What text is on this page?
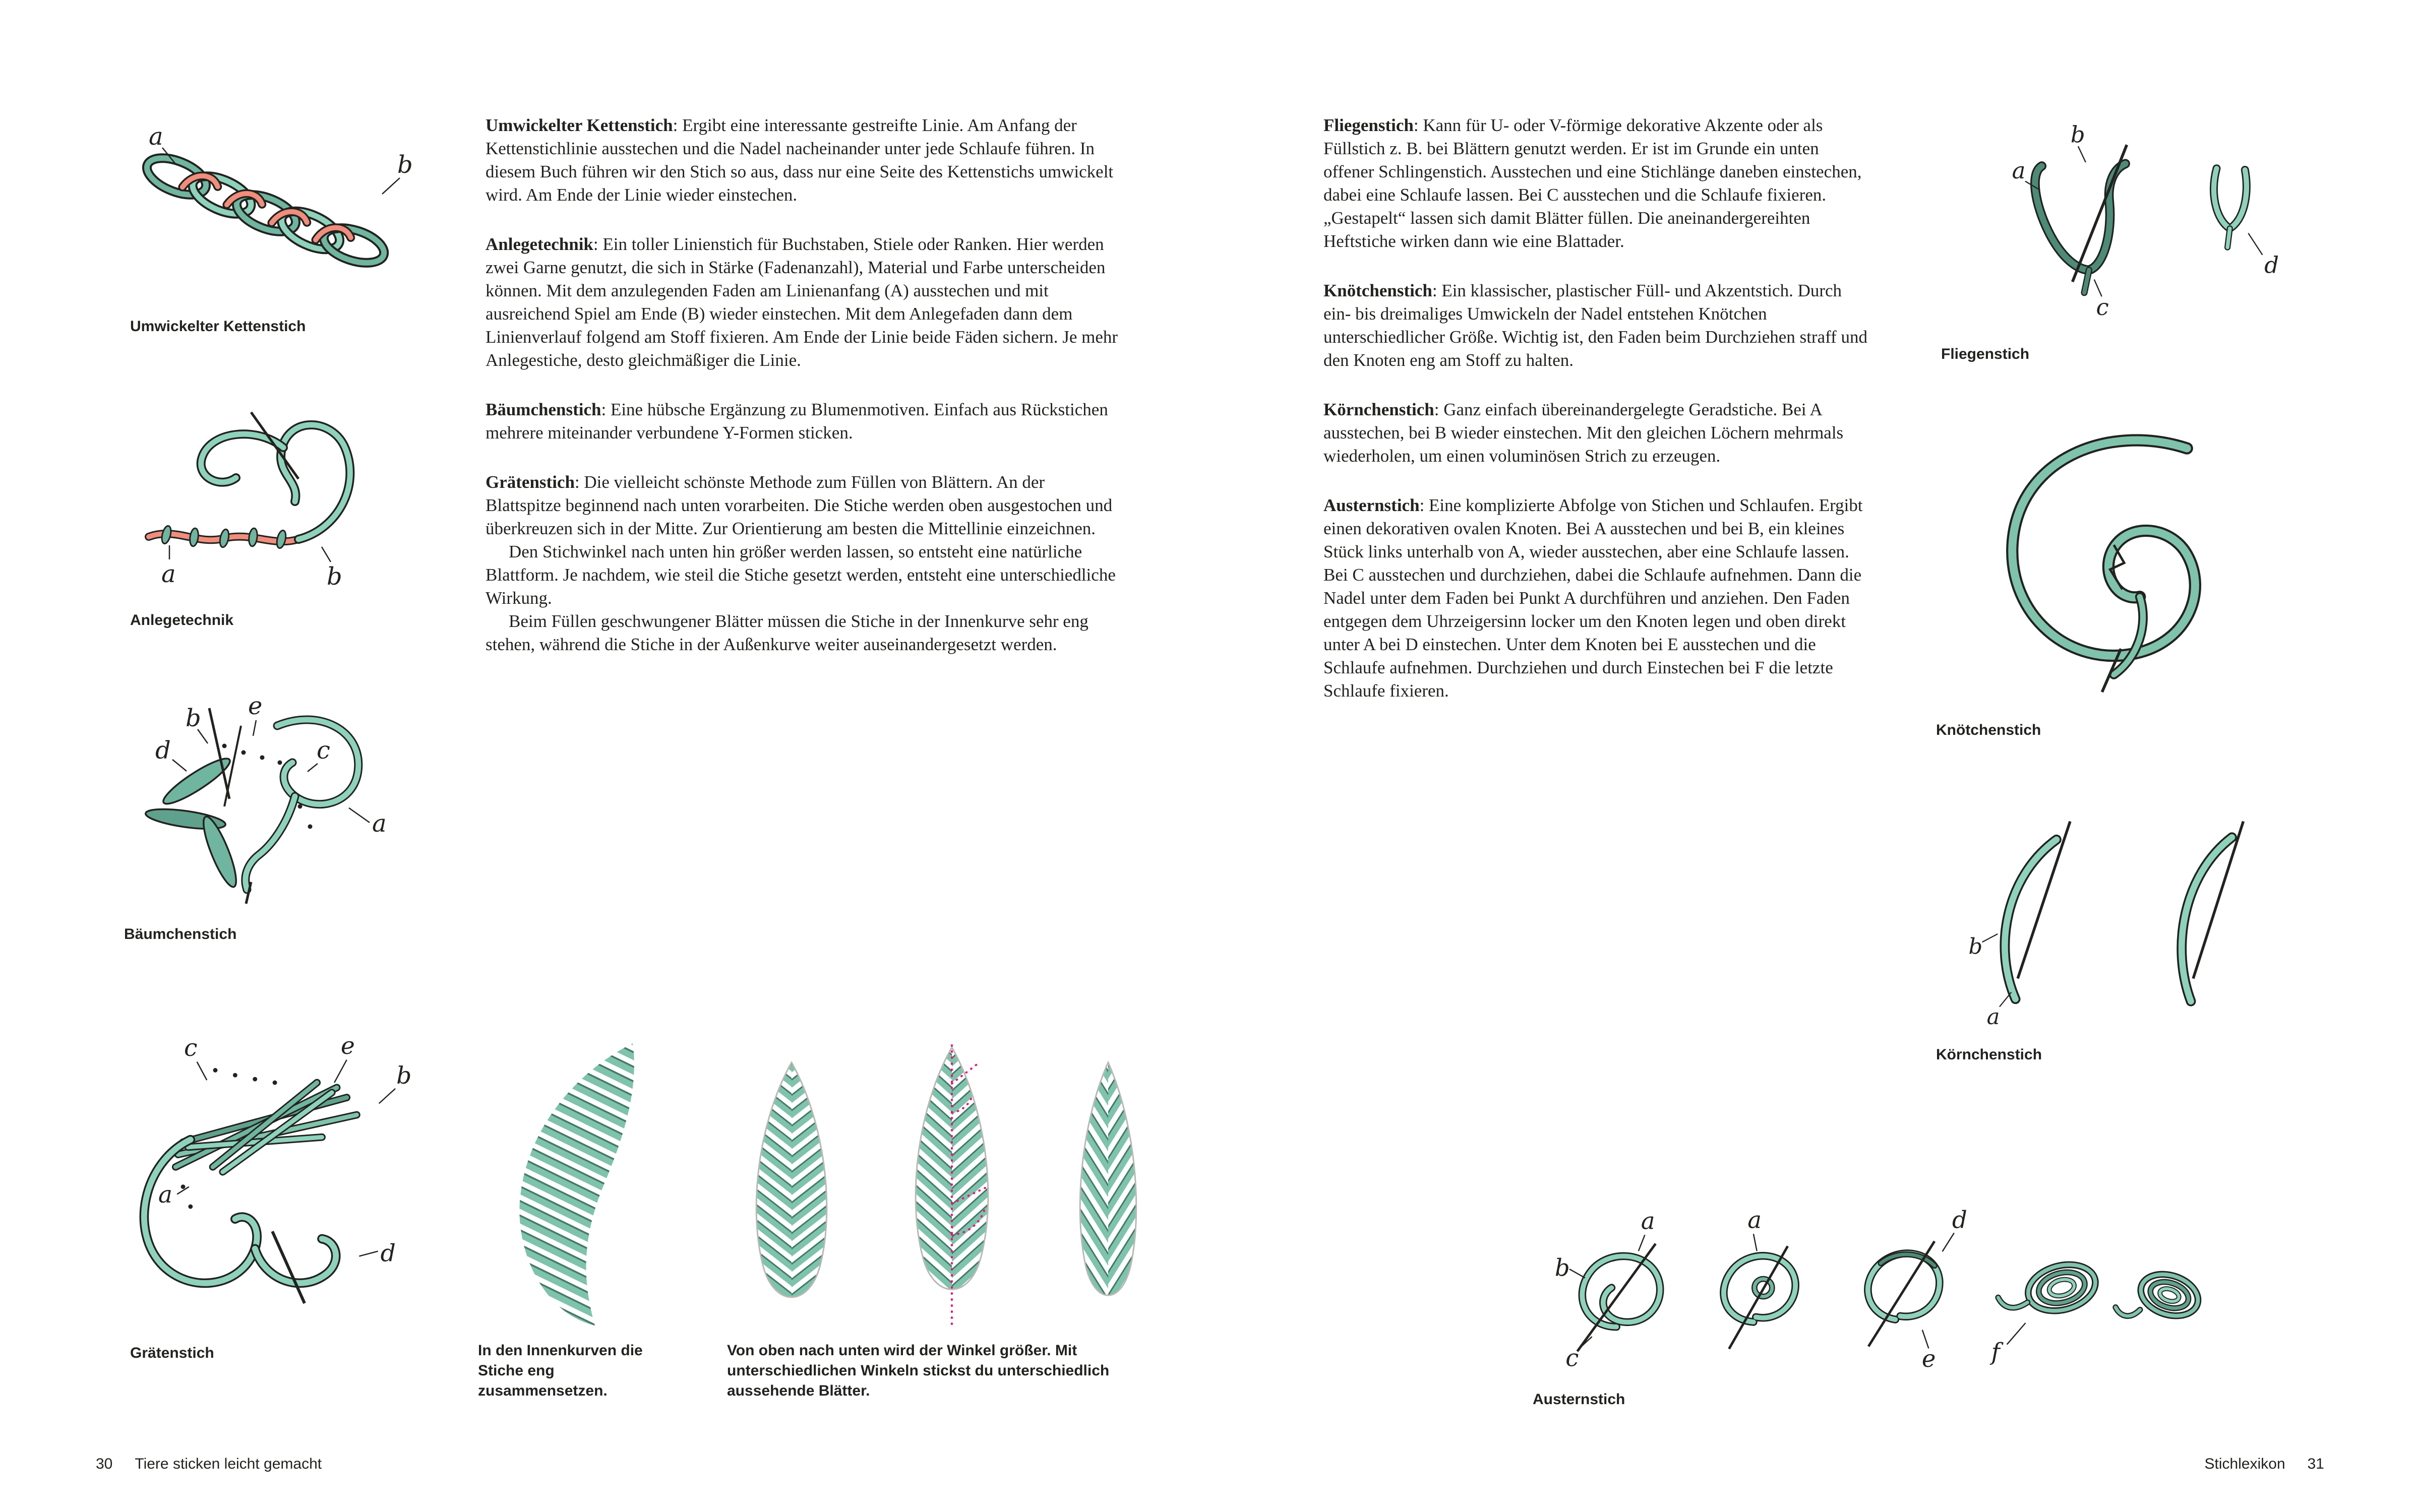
a
b
Umwickelter Kettenstich
a	b
Anlegetechnik
b e
d	c
a
Bäumchenstich
c	e
b
a
d
Grätenstich

Umwickelter Kettenstich: Ergibt eine interessante gestreifte Linie. Am Anfang der Kettenstichlinie ausstechen und die Nadel nacheinander unter jede Schlaufe führen. In diesem Buch führen wir den Stich so aus, dass nur eine Seite des Kettenstichs umwickelt wird. Am Ende der Linie wieder einstechen.

Anlegetechnik: Ein toller Linienstich für Buchstaben, Stiele oder Ranken. Hier werden zwei Garne genutzt, die sich in Stärke (Fadenanzahl), Material und Farbe unterscheiden können. Mit dem anzulegenden Faden am Linienanfang (A) ausstechen und mit ausreichend Spiel am Ende (B) wieder einstechen. Mit dem Anlegefaden dann dem Linienverlauf folgend am Stoff fixieren. Am Ende der Linie beide Fäden sichern. Je mehr Anlegestiche, desto gleichmäßiger die Linie.

Bäumchenstich: Eine hübsche Ergänzung zu Blumenmotiven. Einfach aus Rückstichen mehrere miteinander verbundene Y-Formen sticken.

Grätenstich: Die vielleicht schönste Methode zum Füllen von Blättern. An der Blattspitze beginnend nach unten vorarbeiten. Die Stiche werden oben ausgestochen und überkreuzen sich in der Mitte. Zur Orientierung am besten die Mittellinie einzeichnen.

Den Stichwinkel nach unten hin größer werden lassen, so entsteht eine natürliche Blattform. Je nachdem, wie steil die Stiche gesetzt werden, entsteht eine unterschiedliche Wirkung.

Beim Füllen geschwungener Blätter müssen die Stiche in der Innenkurve sehr eng stehen, während die Stiche in der Außenkurve weiter auseinandergesetzt werden.

In den Innenkurven die Stiche eng zusammensetzen.
Von oben nach unten wird der Winkel größer. Mit unterschiedlichen Winkeln stickst du unterschiedlich aussehende Blätter.
30 Tiere sticken leicht gemacht

Fliegenstich: Kann für U- oder V-förmige dekorative Akzente oder als Füllstich z. B. bei Blättern genutzt werden. Er ist im Grunde ein unten offener Schlingenstich. Ausstechen und eine Stichlänge daneben einstechen, dabei eine Schlaufe lassen. Bei C ausstechen und die Schlaufe fixieren. „Gestapelt“ lassen sich damit Blätter füllen. Die aneinandergereihten Heftstiche wirken dann wie eine Blattader.

Knötchenstich: Ein klassischer, plastischer Füll- und Akzentstich. Durch ein- bis dreimaliges Umwickeln der Nadel entstehen Knötchen unterschiedlicher Größe. Wichtig ist, den Faden beim Durchziehen straff und den Knoten eng am Stoff zu halten.

Körnchenstich: Ganz einfach übereinandergelegte Geradstiche. Bei A ausstechen, bei B wieder einstechen. Mit den gleichen Löchern mehrmals wiederholen, um einen voluminösen Strich zu erzeugen.

Austernstich: Eine komplizierte Abfolge von Stichen und Schlaufen. Ergibt einen dekorativen ovalen Knoten. Bei A ausstechen und bei B, ein kleines Stück links unterhalb von A, wieder ausstechen, aber eine Schlaufe lassen. Bei C ausstechen und durchziehen, dabei die Schlaufe aufnehmen. Dann die Nadel unter dem Faden bei Punkt A durchführen und anziehen. Den Faden entgegen dem Uhrzeigersinn locker um den Knoten legen und oben direkt unter A bei D einstechen. Unter dem Knoten bei E ausstechen und die Schlaufe aufnehmen. Durchziehen und durch Einstechen bei F die letzte Schlaufe fixieren.

a
b
c
d
Fliegenstich
Knötchenstich
b
a
Körnchenstich
a
b
c
a	d
e f
Austernstich
Stichlexikon 31
